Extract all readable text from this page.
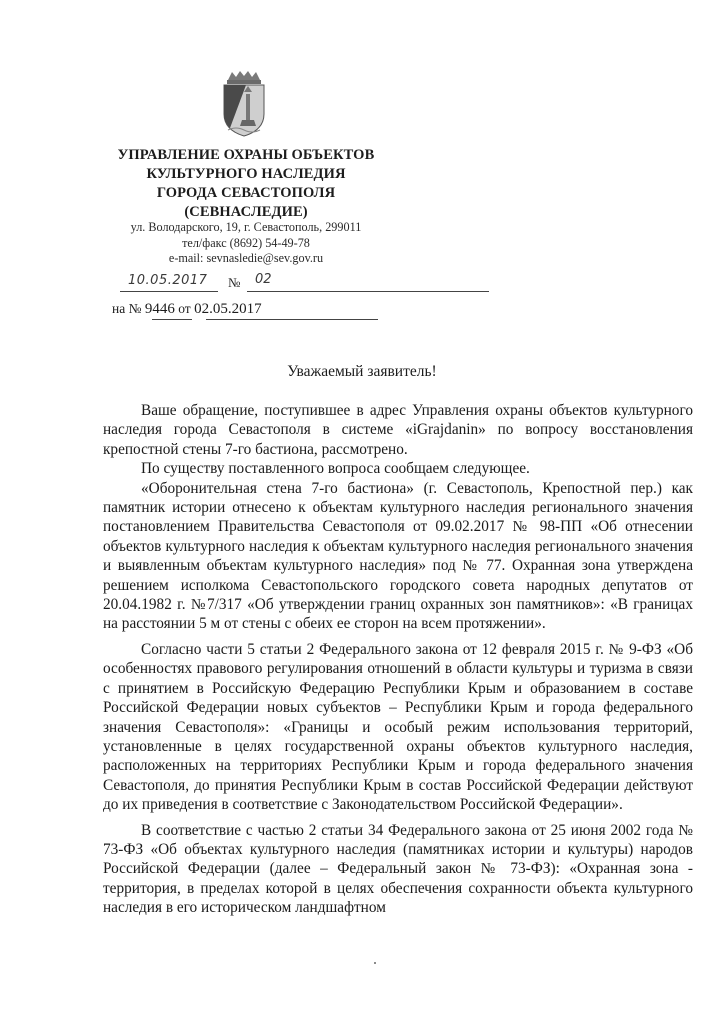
УПРАВЛЕНИЕ ОХРАНЫ ОБЪЕКТОВ
КУЛЬТУРНОГО НАСЛЕДИЯ
ГОРОДА СЕВАСТОПОЛЯ
(СЕВНАСЛЕДИЕ)
ул. Володарского, 19, г. Севастополь, 299011
тел/факс (8692) 54-49-78
e-mail: sevnasledie@sev.gov.ru
10.05.2017 № 02
на № 9446 от 02.05.2017
Уважаемый заявитель!

Ваше обращение, поступившее в адрес Управления охраны объектов культурного наследия города Севастополя в системе «iGrajdanin» по вопросу восстановления крепостной стены 7-го бастиона, рассмотрено.

По существу поставленного вопроса сообщаем следующее.

«Оборонительная стена 7-го бастиона» (г. Севастополь, Крепостной пер.) как памятник истории отнесено к объектам культурного наследия регионального значения постановлением Правительства Севастополя от 09.02.2017 № 98-ПП «Об отнесении объектов культурного наследия к объектам культурного наследия регионального значения и выявленным объектам культурного наследия» под № 77. Охранная зона утверждена решением исполкома Севастопольского городского совета народных депутатов от 20.04.1982 г. №7/317 «Об утверждении границ охранных зон памятников»: «В границах на расстоянии 5 м от стены с обеих ее сторон на всем протяжении».

Согласно части 5 статьи 2 Федерального закона от 12 февраля 2015 г. № 9-ФЗ «Об особенностях правового регулирования отношений в области культуры и туризма в связи с принятием в Российскую Федерацию Республики Крым и образованием в составе Российской Федерации новых субъектов – Республики Крым и города федерального значения Севастополя»: «Границы и особый режим использования территорий, установленные в целях государственной охраны объектов культурного наследия, расположенных на территориях Республики Крым и города федерального значения Севастополя, до принятия Республики Крым в состав Российской Федерации действуют до их приведения в соответствие с Законодательством Российской Федерации».

В соответствие с частью 2 статьи 34 Федерального закона от 25 июня 2002 года № 73-ФЗ «Об объектах культурного наследия (памятниках истории и культуры) народов Российской Федерации (далее – Федеральный закон № 73-ФЗ): «Охранная зона - территория, в пределах которой в целях обеспечения сохранности объекта культурного наследия в его историческом ландшафтном
